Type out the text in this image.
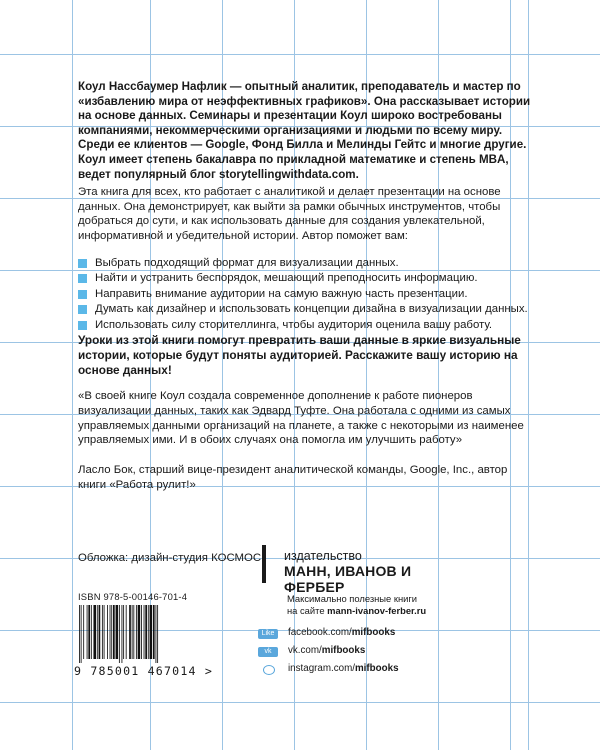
Коул Нассбаумер Нафлик — опытный аналитик, преподаватель и мастер по «избавлению мира от неэффективных графиков». Она рассказывает истории на основе данных. Семинары и презентации Коул широко востребованы компаниями, некоммерческими организациями и людьми по всему миру. Среди ее клиентов — Google, Фонд Билла и Мелинды Гейтс и многие другие. Коул имеет степень бакалавра по прикладной математике и степень MBA, ведет популярный блог storytellingwithdata.com.
Эта книга для всех, кто работает с аналитикой и делает презентации на основе данных. Она демонстрирует, как выйти за рамки обычных инструментов, чтобы добраться до сути, и как использовать данные для создания увлекательной, информативной и убедительной истории. Автор поможет вам:
Выбрать подходящий формат для визуализации данных.
Найти и устранить беспорядок, мешающий преподносить информацию.
Направить внимание аудитории на самую важную часть презентации.
Думать как дизайнер и использовать концепции дизайна в визуализации данных.
Использовать силу сторителлинга, чтобы аудитория оценила вашу работу.
Уроки из этой книги помогут превратить ваши данные в яркие визуальные истории, которые будут поняты аудиторией. Расскажите вашу историю на основе данных!
«В своей книге Коул создала современное дополнение к работе пионеров визуализации данных, таких как Эдвард Туфте. Она работала с одними из самых управляемых данными организаций на планете, а также с некоторыми из наименее управляемых ими. И в обоих случаях она помогла им улучшить работу»
Ласло Бок, старший вице-президент аналитической команды, Google, Inc., автор книги «Работа рулит!»
Обложка: дизайн-студия КОСМОС издательство
МАНН, ИВАНОВ И ФЕРБЕР
Максимально полезные книги
на сайте mann-ivanov-ferber.ru
Like	facebook.com/mifbooks
vk	vk.com/mifbooks
instagram.com/mifbooks
ISBN 978-5-00146-701-4
9 785001 467014 >
